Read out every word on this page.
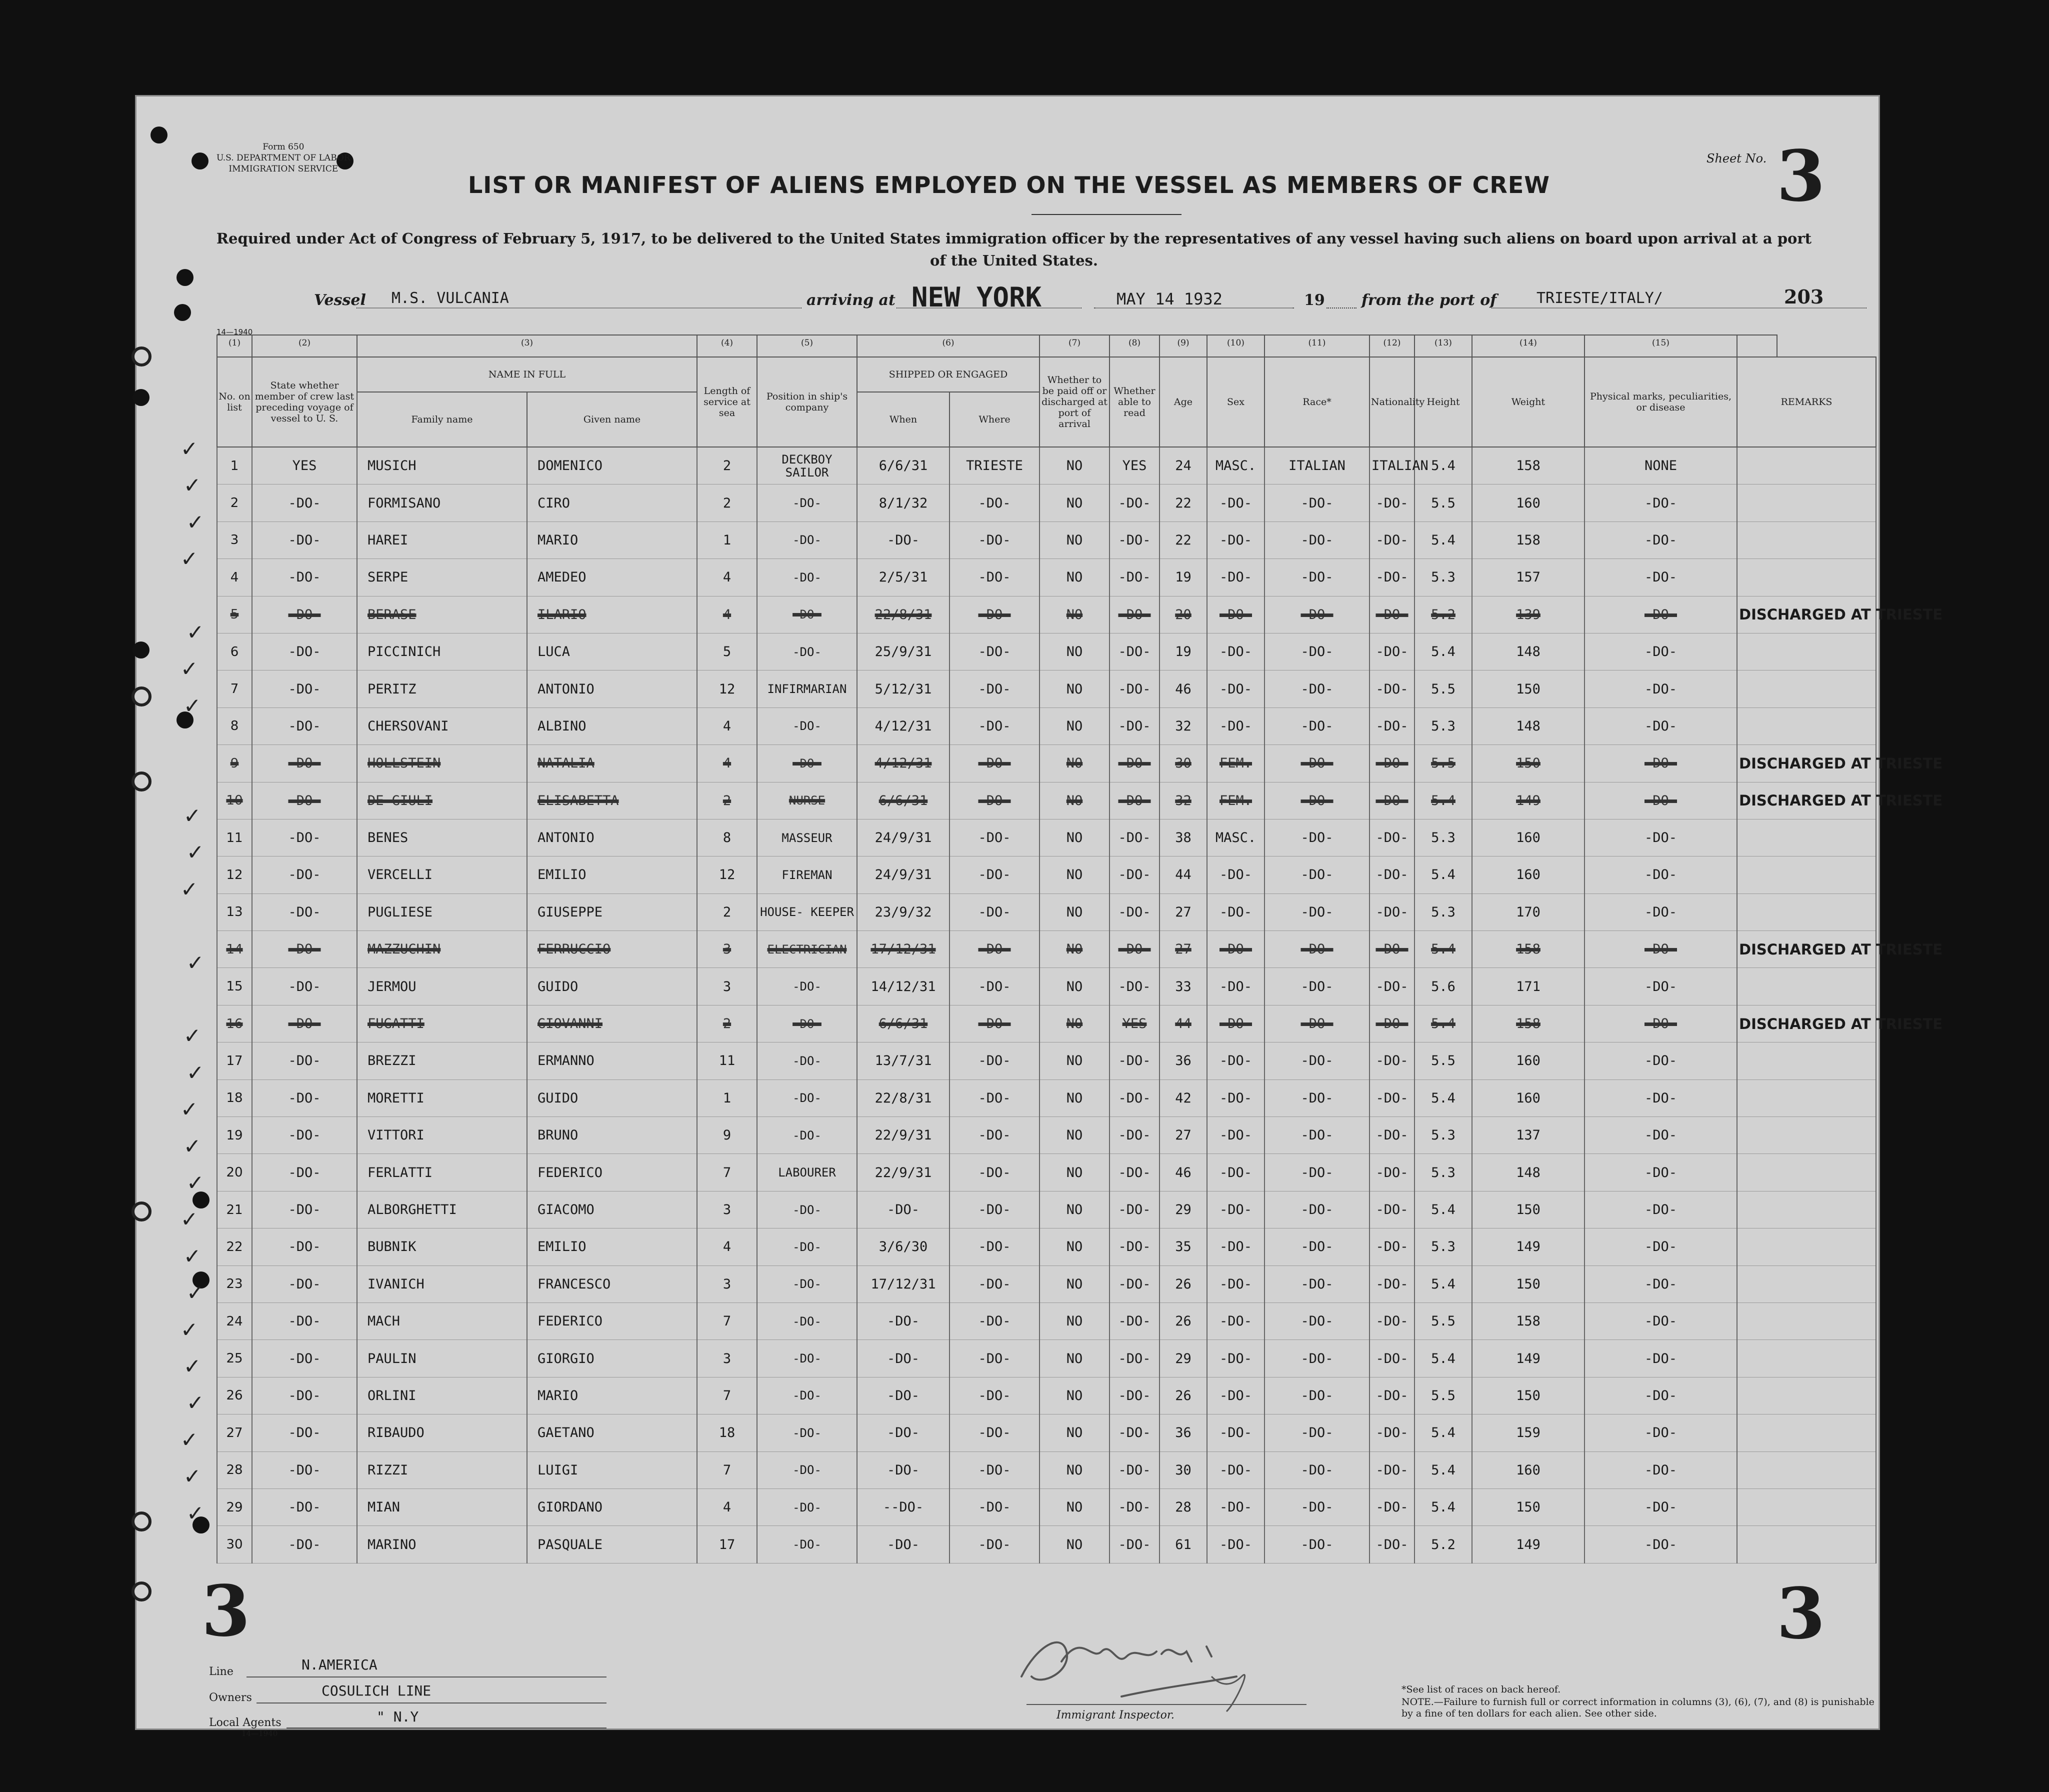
Form 650
U.S. DEPARTMENT OF LABOR
IMMIGRATION SERVICE
Sheet No. 3
LIST OR MANIFEST OF ALIENS EMPLOYED ON THE VESSEL AS MEMBERS OF CREW
Required under Act of Congress of February 5, 1917, to be delivered to the United States immigration officer by the representatives of any vessel having such aliens on board upon arrival at a port of the United States.
Vessel M.S. VULCANIA	arriving at NEW YORK	MAY 14 1932	19 from the port of	TRIESTE/ITALY/	203
14—1940
(1)	(2)	(3)		(4)	(5)	(6)		(7)	(8)	(9)	(10)	(11)	(12)	(13)	(14)	(15)	
No. on list	State whether member of crew last preceding voyage of vessel to U. S.	NAME IN FULL		Length of service at sea	Position in ship's company	SHIPPED OR ENGAGED		Whether to be paid off or discharged at port of arrival	Whether able to read	Age	Sex	Race*	Nationality	Height	Weight	Physical marks, peculiarities, or disease	REMARKS
		Family name	Given name			When	Where										
1	YES	MUSICH	DOMENICO	2	DECKBOY SAILOR	6/6/31	TRIESTE	NO	YES	24	MASC.	ITALIAN	ITALIAN	5.4	158	NONE	
2	-DO-	FORMISANO	CIRO	2	-DO-	8/1/32	-DO-	NO	-DO-	22	-DO-	-DO-	-DO-	5.5	160	-DO-	
3	-DO-	HAREI	MARIO	1	-DO-	-DO-	-DO-	NO	-DO-	22	-DO-	-DO-	-DO-	5.4	158	-DO-	
4	-DO-	SERPE	AMEDEO	4	-DO-	2/5/31	-DO-	NO	-DO-	19	-DO-	-DO-	-DO-	5.3	157	-DO-	
5	-DO-	BERASE	ILARIO	4	-DO-	22/8/31	-DO-	NO	-DO-	20	-DO-	-DO-	-DO-	5.2	139	-DO-	DISCHARGED AT TRIESTE
6	-DO-	PICCINICH	LUCA	5	-DO-	25/9/31	-DO-	NO	-DO-	19	-DO-	-DO-	-DO-	5.4	148	-DO-	
7	-DO-	PERITZ	ANTONIO	12	INFIRMARIAN	5/12/31	-DO-	NO	-DO-	46	-DO-	-DO-	-DO-	5.5	150	-DO-	
8	-DO-	CHERSOVANI	ALBINO	4	-DO-	4/12/31	-DO-	NO	-DO-	32	-DO-	-DO-	-DO-	5.3	148	-DO-	
9	-DO-	HOLLSTEIN	NATALIA	4	-DO-	4/12/31	-DO-	NO	-DO-	30	FEM.	-DO-	-DO-	5.5	150	-DO-	DISCHARGED AT TRIESTE
10	-DO-	DE GIULI	ELISABETTA	2	NURSE	6/6/31	-DO-	NO	-DO-	32	FEM.	-DO-	-DO-	5.4	149	-DO-	DISCHARGED AT TRIESTE
11	-DO-	BENES	ANTONIO	8	MASSEUR	24/9/31	-DO-	NO	-DO-	38	MASC.	-DO-	-DO-	5.3	160	-DO-	
12	-DO-	VERCELLI	EMILIO	12	FIREMAN	24/9/31	-DO-	NO	-DO-	44	-DO-	-DO-	-DO-	5.4	160	-DO-	
13	-DO-	PUGLIESE	GIUSEPPE	2	HOUSE- KEEPER	23/9/32	-DO-	NO	-DO-	27	-DO-	-DO-	-DO-	5.3	170	-DO-	
14	-DO-	MAZZUCHIN	FERRUCCIO	3	ELECTRICIAN	17/12/31	-DO-	NO	-DO-	27	-DO-	-DO-	-DO-	5.4	158	-DO-	DISCHARGED AT TRIESTE
15	-DO-	JERMOU	GUIDO	3	-DO-	14/12/31	-DO-	NO	-DO-	33	-DO-	-DO-	-DO-	5.6	171	-DO-	
16	-DO-	FUGATTI	GIOVANNI	2	-DO-	6/6/31	-DO-	NO	YES	44	-DO-	-DO-	-DO-	5.4	158	-DO-	DISCHARGED AT TRIESTE
17	-DO-	BREZZI	ERMANNO	11	-DO-	13/7/31	-DO-	NO	-DO-	36	-DO-	-DO-	-DO-	5.5	160	-DO-	
18	-DO-	MORETTI	GUIDO	1	-DO-	22/8/31	-DO-	NO	-DO-	42	-DO-	-DO-	-DO-	5.4	160	-DO-	
19	-DO-	VITTORI	BRUNO	9	-DO-	22/9/31	-DO-	NO	-DO-	27	-DO-	-DO-	-DO-	5.3	137	-DO-	
20	-DO-	FERLATTI	FEDERICO	7	LABOURER	22/9/31	-DO-	NO	-DO-	46	-DO-	-DO-	-DO-	5.3	148	-DO-	
21	-DO-	ALBORGHETTI	GIACOMO	3	-DO-	-DO-	-DO-	NO	-DO-	29	-DO-	-DO-	-DO-	5.4	150	-DO-	
22	-DO-	BUBNIK	EMILIO	4	-DO-	3/6/30	-DO-	NO	-DO-	35	-DO-	-DO-	-DO-	5.3	149	-DO-	
23	-DO-	IVANICH	FRANCESCO	3	-DO-	17/12/31	-DO-	NO	-DO-	26	-DO-	-DO-	-DO-	5.4	150	-DO-	
24	-DO-	MACH	FEDERICO	7	-DO-	-DO-	-DO-	NO	-DO-	26	-DO-	-DO-	-DO-	5.5	158	-DO-	
25	-DO-	PAULIN	GIORGIO	3	-DO-	-DO-	-DO-	NO	-DO-	29	-DO-	-DO-	-DO-	5.4	149	-DO-	
26	-DO-	ORLINI	MARIO	7	-DO-	-DO-	-DO-	NO	-DO-	26	-DO-	-DO-	-DO-	5.5	150	-DO-	
27	-DO-	RIBAUDO	GAETANO	18	-DO-	-DO-	-DO-	NO	-DO-	36	-DO-	-DO-	-DO-	5.4	159	-DO-	
28	-DO-	RIZZI	LUIGI	7	-DO-	-DO-	-DO-	NO	-DO-	30	-DO-	-DO-	-DO-	5.4	160	-DO-	
29	-DO-	MIAN	GIORDANO	4	-DO-	--DO-	-DO-	NO	-DO-	28	-DO-	-DO-	-DO-	5.4	150	-DO-	
30	-DO-	MARINO	PASQUALE	17	-DO-	-DO-	-DO-	NO	-DO-	61	-DO-	-DO-	-DO-	5.2	149	-DO-	
3	3
Line	N.AMERICA
Owners	COSULICH LINE
Local Agents	" N.Y
14—1940
Immigrant Inspector.
*See list of races on back hereof.
NOTE.—Failure to furnish full or correct information in columns (3), (6), (7), and (8) is punishable by a fine of ten dollars for each alien. See other side.
✓
✓
✓
✓
✓
✓
✓
✓
✓
✓
✓
✓
✓
✓
✓
✓
✓
✓
✓
✓
✓
✓
✓
✓
✓
